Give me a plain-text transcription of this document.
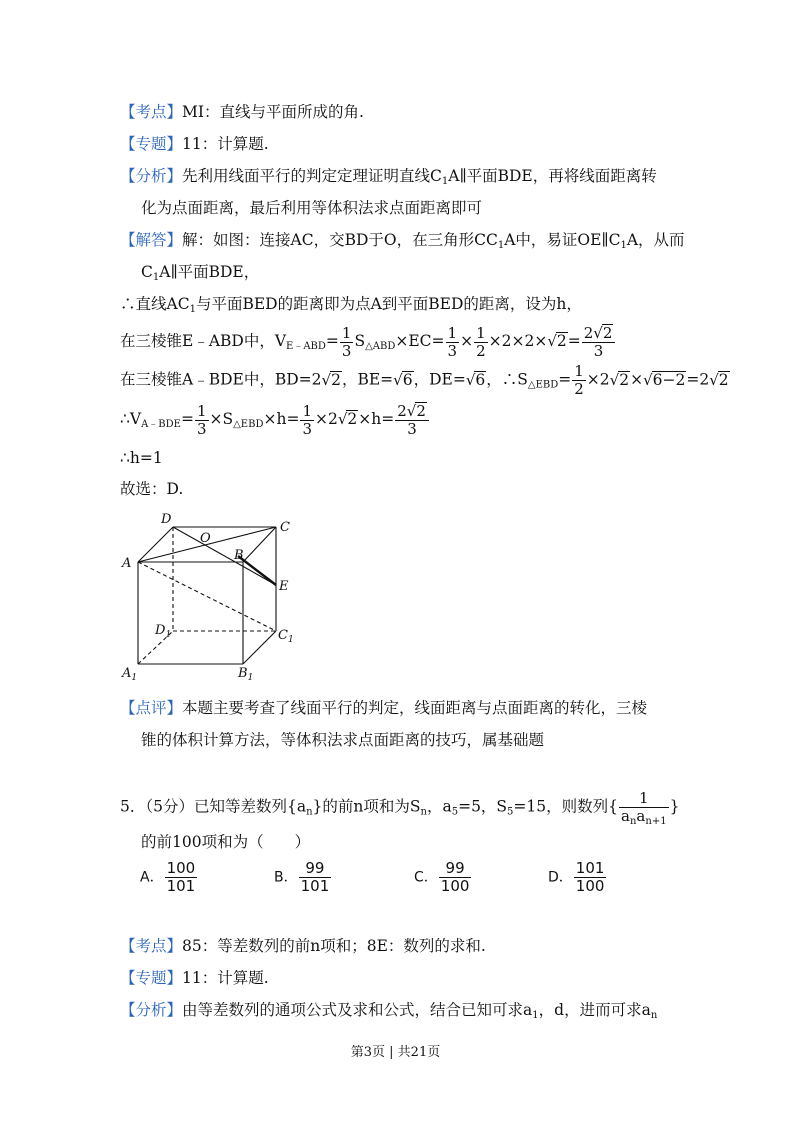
【考点】MI：直线与平面所成的角.
【专题】11：计算题.
【分析】先利用线面平行的判定定理证明直线$C_1A\parallel$平面BDE，再将线面距离转
化为点面距离，最后利用等体积法求点面距离即可
【解答】解：如图：连接AC，交BD于O，在三角形$CC_1A$中，易证$OE\parallel C_1A$，从而
$C_1A\parallel$平面BDE，
∴直线$AC_1$与平面BED的距离即为点A到平面BED的距离，设为h，
在三棱锥E﹣ABD中，$V_{E﹣ABD}= \frac{1}{3} S_{\triangle ABD}\times EC= \frac{1}{3} \times \frac{1}{2} \times 2\times 2\times√2= \frac{2√2}{3}$
在三棱锥A﹣BDE中，BD=2√2，BE=√6，DE=√6，$\therefore S_{\triangle EBD}= \frac{1}{2} \times 2√2\times√6-2=2√2$
$\therefore V_{A﹣BDE}= \frac{1}{3} \times S_{\triangle EBD}\times h= \frac{1}{3} \times 2√2\times h= \frac{2√2}{3}$
∴h=1
故选：D.
D
C
O
A
B
E
$D_1$	$C_1$
$A_1$	$B_1$
【点评】本题主要考查了线面平行的判定，线面距离与点面距离的转化，三棱
锥的体积计算方法，等体积法求点面距离的技巧，属基础题
5．（5分）已知等差数列$\{a_n\}$的前n项和为$S_n$，$a_5=5$，$S_5=15$，则数列{ $\frac{1}{a_na_{n+1}}$ }
的前100项和为（　　）
A． $\frac{100}{101}$	B． $\frac{99}{101}$	C． $\frac{99}{100}$	D． $\frac{101}{100}$
【考点】85：等差数列的前n项和；8E：数列的求和.
【专题】11：计算题.
【分析】由等差数列的通项公式及求和公式，结合已知可求$a_1$，d，进而可求$a_n$
第3页 | 共21页
